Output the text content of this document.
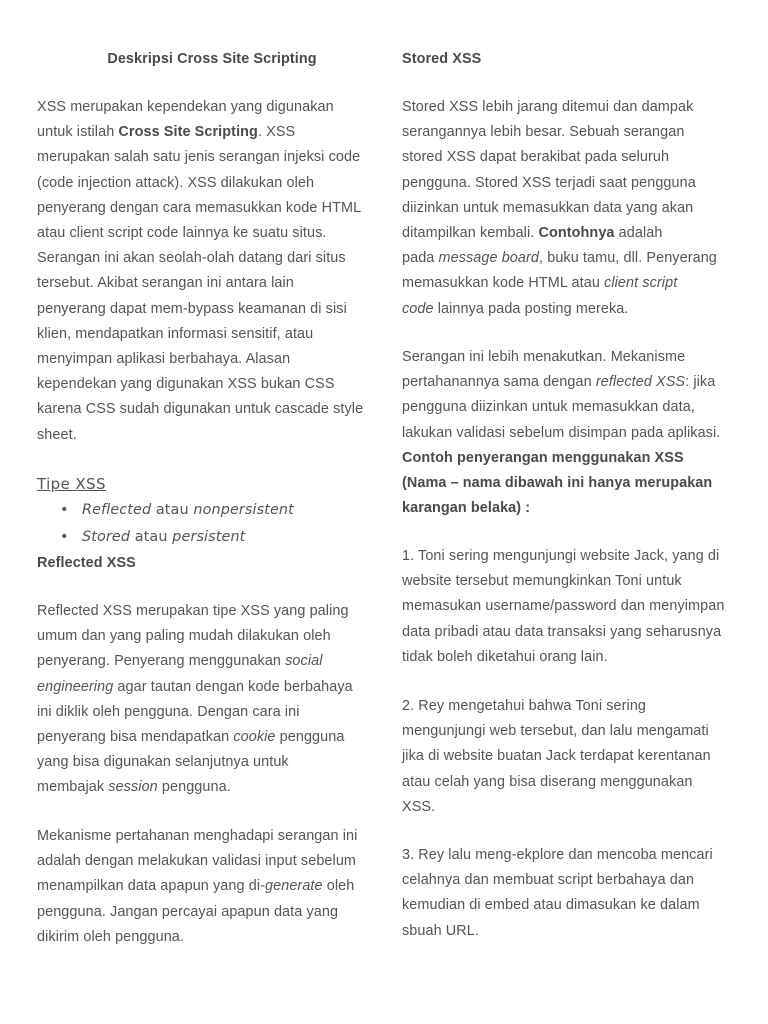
Deskripsi Cross Site Scripting
XSS merupakan kependekan yang digunakan
untuk istilah Cross Site Scripting. XSS
merupakan salah satu jenis serangan injeksi code
(code injection attack). XSS dilakukan oleh
penyerang dengan cara memasukkan kode HTML
atau client script code lainnya ke suatu situs.
Serangan ini akan seolah-olah datang dari situs
tersebut. Akibat serangan ini antara lain
penyerang dapat mem-bypass keamanan di sisi
klien, mendapatkan informasi sensitif, atau
menyimpan aplikasi berbahaya. Alasan
kependekan yang digunakan XSS bukan CSS
karena CSS sudah digunakan untuk cascade style
sheet.
Tipe XSS
• Reflected atau nonpersistent
• Stored atau persistent
Reflected XSS
Reflected XSS merupakan tipe XSS yang paling
umum dan yang paling mudah dilakukan oleh
penyerang. Penyerang menggunakan social
engineering agar tautan dengan kode berbahaya
ini diklik oleh pengguna. Dengan cara ini
penyerang bisa mendapatkan cookie pengguna
yang bisa digunakan selanjutnya untuk
membajak session pengguna.
Mekanisme pertahanan menghadapi serangan ini
adalah dengan melakukan validasi input sebelum
menampilkan data apapun yang di-generate oleh
pengguna. Jangan percayai apapun data yang
dikirim oleh pengguna.
Stored XSS
Stored XSS lebih jarang ditemui dan dampak
serangannya lebih besar. Sebuah serangan
stored XSS dapat berakibat pada seluruh
pengguna. Stored XSS terjadi saat pengguna
diizinkan untuk memasukkan data yang akan
ditampilkan kembali. Contohnya adalah
pada message board, buku tamu, dll. Penyerang
memasukkan kode HTML atau client script
code lainnya pada posting mereka.
Serangan ini lebih menakutkan. Mekanisme
pertahanannya sama dengan reflected XSS: jika
pengguna diizinkan untuk memasukkan data,
lakukan validasi sebelum disimpan pada aplikasi.
Contoh penyerangan menggunakan XSS
(Nama – nama dibawah ini hanya merupakan
karangan belaka) :
1. Toni sering mengunjungi website Jack, yang di
website tersebut memungkinkan Toni untuk
memasukan username/password dan menyimpan
data pribadi atau data transaksi yang seharusnya
tidak boleh diketahui orang lain.
2. Rey mengetahui bahwa Toni sering
mengunjungi web tersebut, dan lalu mengamati
jika di website buatan Jack terdapat kerentanan
atau celah yang bisa diserang menggunakan
XSS.
3. Rey lalu meng-ekplore dan mencoba mencari
celahnya dan membuat script berbahaya dan
kemudian di embed atau dimasukan ke dalam
sbuah URL.
